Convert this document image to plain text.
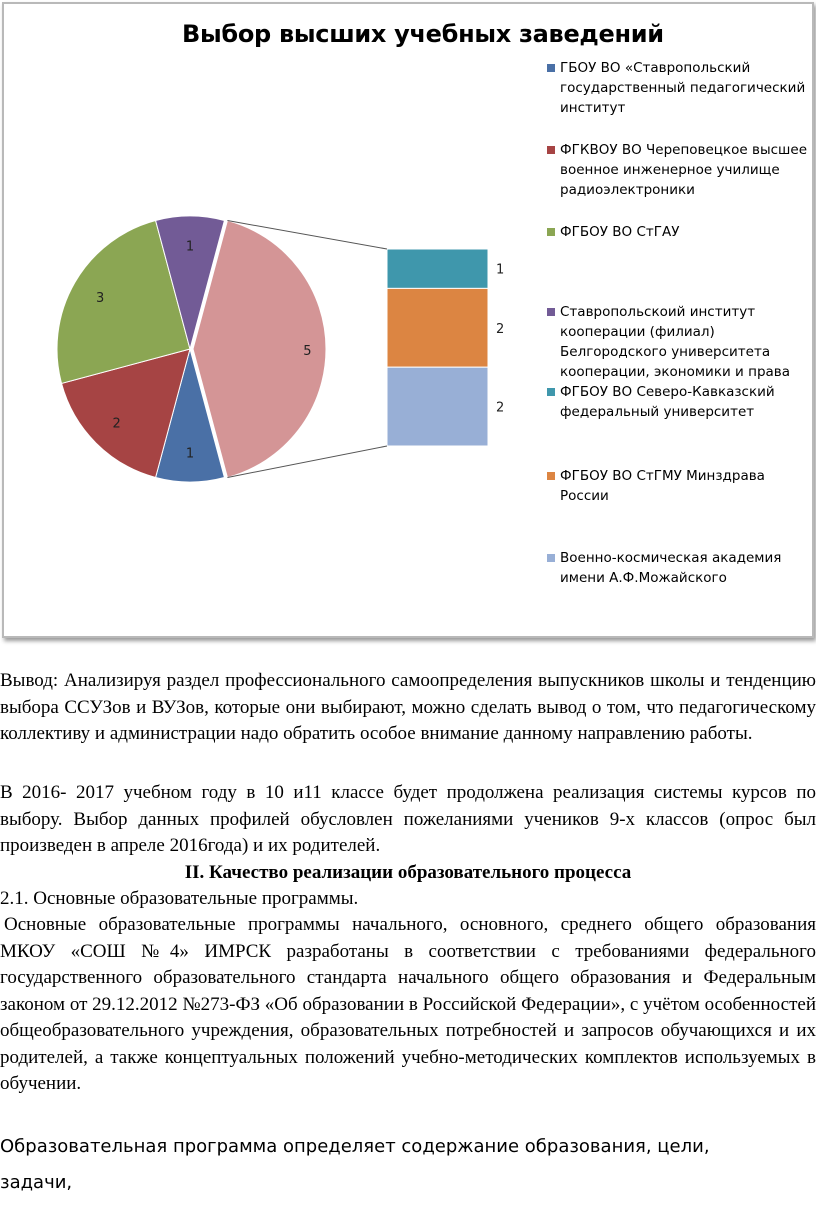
1
2
3
1
5
1
2
2
Выбор высших учебных заведений
ГБОУ ВО «Ставропольский
государственный педагогический
институт
ФГКВОУ ВО Череповецкое высшее
военное инженерное училище
радиоэлектроники
ФГБОУ ВО СтГАУ
Ставропольскоий институт
кооперации (филиал)
Белгородского университета
кооперации, экономики и права
ФГБОУ ВО Северо-Кавказский
федеральный университет
ФГБОУ ВО СтГМУ Минздрава
России
Военно-космическая академия
имени А.Ф.Можайского
Вывод: Анализируя раздел профессионального самоопределения выпускников школы и тенденцию выбора ССУЗов и ВУЗов, которые они выбирают, можно сделать вывод о том, что педагогическому коллективу и администрации надо обратить особое внимание данному направлению работы.
В 2016- 2017 учебном году в 10 и11 классе будет продолжена реализация системы курсов по выбору. Выбор данных профилей обусловлен пожеланиями учеников 9-х классов (опрос был произведен в апреле 2016года) и их родителей.
II. Качество реализации образовательного процесса
2.1. Основные образовательные программы.
Основные образовательные программы начального, основного, среднего общего образования МКОУ «СОШ №4» ИМРСК разработаны в соответствии с требованиями федерального государственного образовательного стандарта начального общего образования и Федеральным законом от 29.12.2012 №273-ФЗ «Об образовании в Российской Федерации», с учётом особенностей общеобразовательного учреждения, образовательных потребностей и запросов обучающихся и их родителей, а также концептуальных положений учебно-методических комплектов используемых в обучении.
Образовательная программа определяет содержание образования, цели,
задачи,
